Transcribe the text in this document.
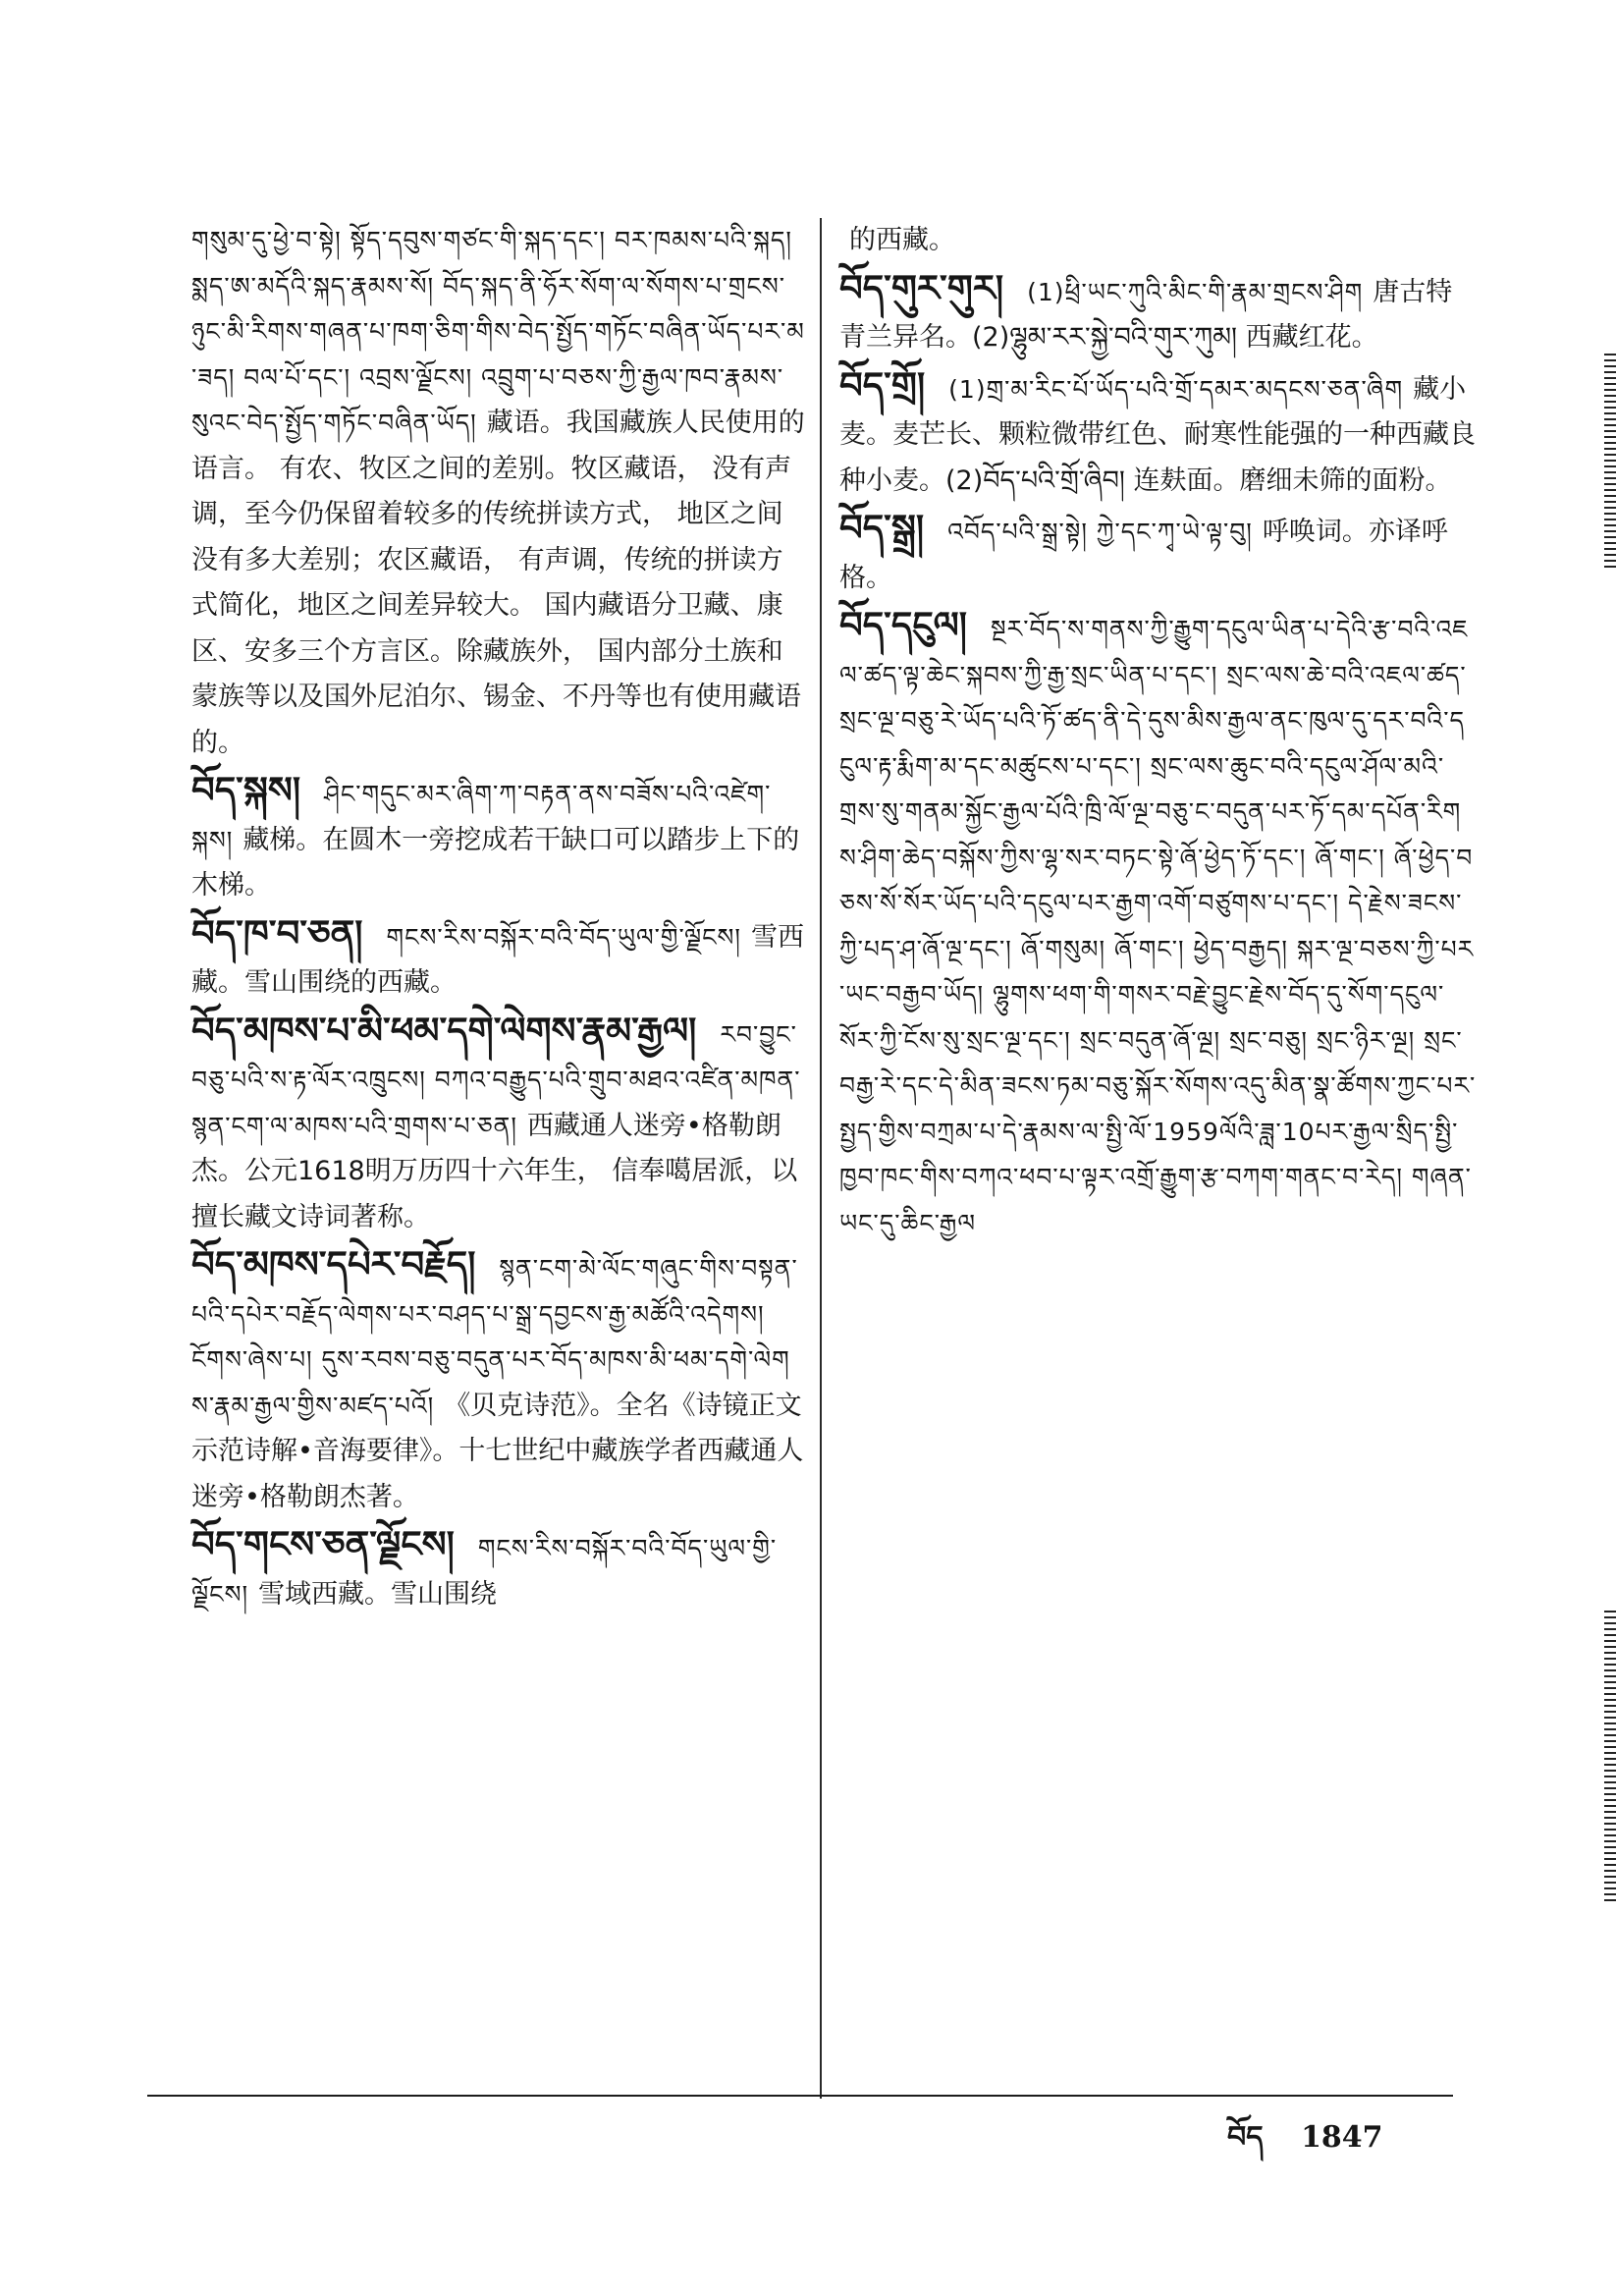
གསུམ་དུ་ཕྱེ་བ་སྟེ། སྟོད་དབུས་གཙང་གི་སྐད་དང་། བར་ཁམས་པའི་སྐད། སྨད་ཨ་མདོའི་སྐད་རྣམས་སོ། བོད་སྐད་ནི་ཧོར་སོག་ལ་སོགས་པ་གྲངས་ཉུང་མི་རིགས་གཞན་པ་ཁག་ཅིག་གིས་བེད་སྤྱོད་གཏོང་བཞིན་ཡོད་པར་མ་ཟད། བལ་པོ་དང་། འབྲས་ལྗོངས། འབྲུག་པ་བཅས་ཀྱི་རྒྱལ་ཁབ་རྣམས་སུའང་བེད་སྤྱོད་གཏོང་བཞིན་ཡོད། 藏语。我国藏族人民使用的语言。 有农、牧区之间的差别。牧区藏语， 没有声调，至今仍保留着较多的传统拼读方式， 地区之间没有多大差别；农区藏语， 有声调，传统的拼读方式简化，地区之间差异较大。 国内藏语分卫藏、康区、安多三个方言区。除藏族外， 国内部分土族和蒙族等以及国外尼泊尔、锡金、不丹等也有使用藏语的。
བོད་སྐས། ཤིང་གདུང་མར་ཞིག་ཀ་བརྟན་ནས་བཟོས་པའི་འཛེག་སྐས། 藏梯。在圆木一旁挖成若干缺口可以踏步上下的木梯。
བོད་ཁ་བ་ཅན། གངས་རིས་བསྐོར་བའི་བོད་ཡུལ་གྱི་ལྗོངས། 雪西藏。雪山围绕的西藏。
བོད་མཁས་པ་མི་ཕམ་དགེ་ལེགས་རྣམ་རྒྱལ། རབ་བྱུང་བཅུ་པའི་ས་རྟ་ལོར་འཁྲུངས། བཀའ་བརྒྱུད་པའི་གྲུབ་མཐའ་འཛིན་མཁན་སྙན་ངག་ལ་མཁས་པའི་གྲགས་པ་ཅན། 西藏通人迷旁•格勒朗杰。公元1618明万历四十六年生， 信奉噶居派，以擅长藏文诗词著称。
བོད་མཁས་དཔེར་བརྗོད། སྙན་ངག་མེ་ལོང་གཞུང་གིས་བསྟན་པའི་དཔེར་བརྗོད་ལེགས་པར་བཤད་པ་སྒྲ་དབྱངས་རྒྱ་མཚོའི་འདེགས། ངོགས་ཞེས་པ། དུས་རབས་བཅུ་བདུན་པར་བོད་མཁས་མི་ཕམ་དགེ་ལེགས་རྣམ་རྒྱལ་གྱིས་མཛད་པའོ། 《贝克诗范》。全名《诗镜正文示范诗解•音海要律》。十七世纪中藏族学者西藏通人迷旁•格勒朗杰著。
བོད་གངས་ཅན་ལྗོངས། གངས་རིས་བསྐོར་བའི་བོད་ཡུལ་གྱི་ལྗོངས། 雪域西藏。雪山围绕
的西藏。
བོད་གུར་གུར། (1)ཕྲི་ཡང་ཀུའི་མིང་གི་རྣམ་གྲངས་ཤིག 唐古特青兰异名。(2)ལྷུམ་རར་སྐྱེ་བའི་གུར་ཀུམ། 西藏红花。
བོད་གྲོ། (1)གྲ་མ་རིང་པོ་ཡོད་པའི་གྲོ་དམར་མདངས་ཅན་ཞིག 藏小麦。麦芒长、颗粒微带红色、耐寒性能强的一种西藏良种小麦。(2)བོད་པའི་གྲོ་ཞིབ། 连麸面。磨细未筛的面粉。
བོད་སྒྲ། འབོད་པའི་སྒྲ་སྟེ། ཀྱེ་དང་ཀྭ་ཡེ་ལྟ་བུ། 呼唤词。亦译呼格。
བོད་དངུལ། སྔར་བོད་ས་གནས་ཀྱི་རྒྱུག་དངུལ་ཡིན་པ་དེའི་རྩ་བའི་འཇལ་ཚད་ལྟ་ཆེང་སྐབས་ཀྱི་རྒྱ་སྲང་ཡིན་པ་དང་། སྲང་ལས་ཆེ་བའི་འཇལ་ཚད་སྲང་ལྔ་བཅུ་རེ་ཡོད་པའི་ཏོ་ཚད་ནི་དེ་དུས་མིས་རྒྱལ་ནང་ཁུལ་དུ་དར་བའི་དངུལ་རྟ་རྨིག་མ་དང་མཚུངས་པ་དང་། སྲང་ལས་ཆུང་བའི་དངུལ་ཤོལ་མའི་གྲས་སུ་གནམ་སྐྱོང་རྒྱལ་པོའི་ཁྲི་ལོ་ལྔ་བཅུ་ང་བདུན་པར་ཏོ་དམ་དཔོན་རིགས་ཤིག་ཆེད་བསྐོས་ཀྱིས་ལྷ་སར་བཏང་སྟེ་ཞོ་ཕྱེད་ཏོ་དང་། ཞོ་གང་། ཞོ་ཕྱེད་བཅས་སོ་སོར་ཡོད་པའི་དངུལ་པར་རྒྱག་འགོ་བཙུགས་པ་དང་། དེ་རྗེས་ཟངས་ཀྱི་པད་ཤ་ཞོ་ལྔ་དང་། ཞོ་གསུམ། ཞོ་གང་། ཕྱེད་བརྒྱད། སྐར་ལྔ་བཅས་ཀྱི་པར་ཡང་བརྒྱབ་ཡོད། ལྷུགས་ཕག་གི་གསར་བརྗེ་བྱུང་རྗེས་བོད་དུ་སོག་དངུལ་སོར་ཀྱི་ངོས་སུ་སྲང་ལྔ་དང་། སྲང་བདུན་ཞོ་ལྔ། སྲང་བཅུ། སྲང་ཉིར་ལྔ། སྲང་བརྒྱ་རེ་དང་དེ་མིན་ཟངས་ཏམ་བཅུ་སྐོར་སོགས་འདུ་མིན་སྣ་ཚོགས་ཀྱང་པར་སྤྱད་གྱིས་བཀྲམ་པ་དེ་རྣམས་ལ་སྤྱི་ལོ་1959ལོའི་ཟླ་10པར་རྒྱལ་སྲིད་སྤྱི་ཁྱབ་ཁང་གིས་བཀའ་ཕབ་པ་ལྟར་འགྲོ་རྒྱུག་རྩ་བཀག་གནང་བ་རེད། གཞན་ཡང་དུ་ཆིང་རྒྱལ
བོད 1847
